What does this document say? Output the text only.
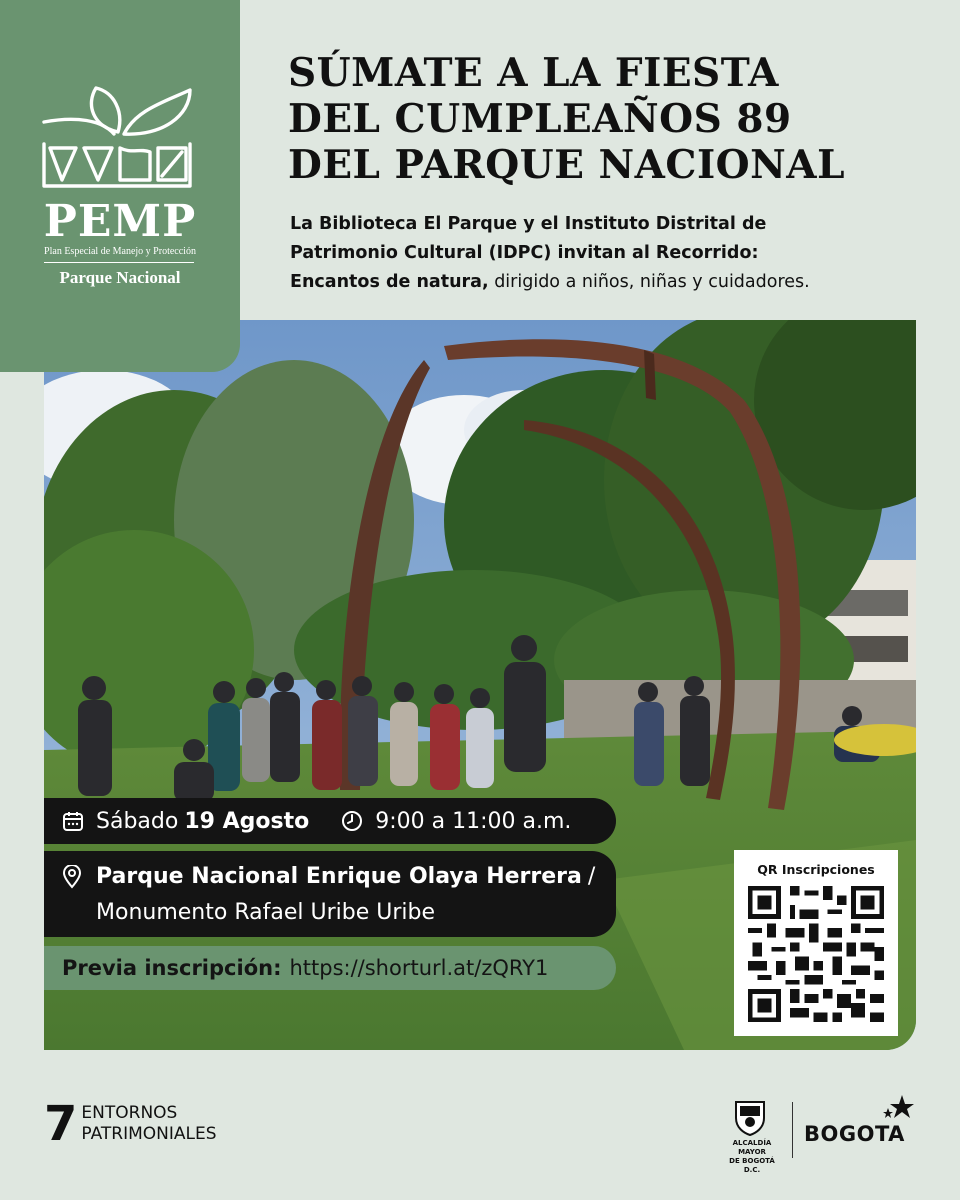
PEMP
Plan Especial de Manejo y Protección
Parque Nacional
SÚMATE A LA FIESTA
DEL CUMPLEAÑOS 89
DEL PARQUE NACIONAL
La Biblioteca El Parque y el Instituto Distrital de
Patrimonio Cultural (IDPC) invitan al Recorrido:
Encantos de natura, dirigido a niños, niñas y cuidadores.
Sábado 19 Agosto	9:00 a 11:00 a.m.
Parque Nacional Enrique Olaya Herrera /
Monumento Rafael Uribe Uribe
Previa inscripción: https://shorturl.at/zQRY1
QR Inscripciones
7 ENTORNOS
PATRIMONIALES	ALCALDÍA MAYOR
DE BOGOTÁ D.C.
BOGOTA
